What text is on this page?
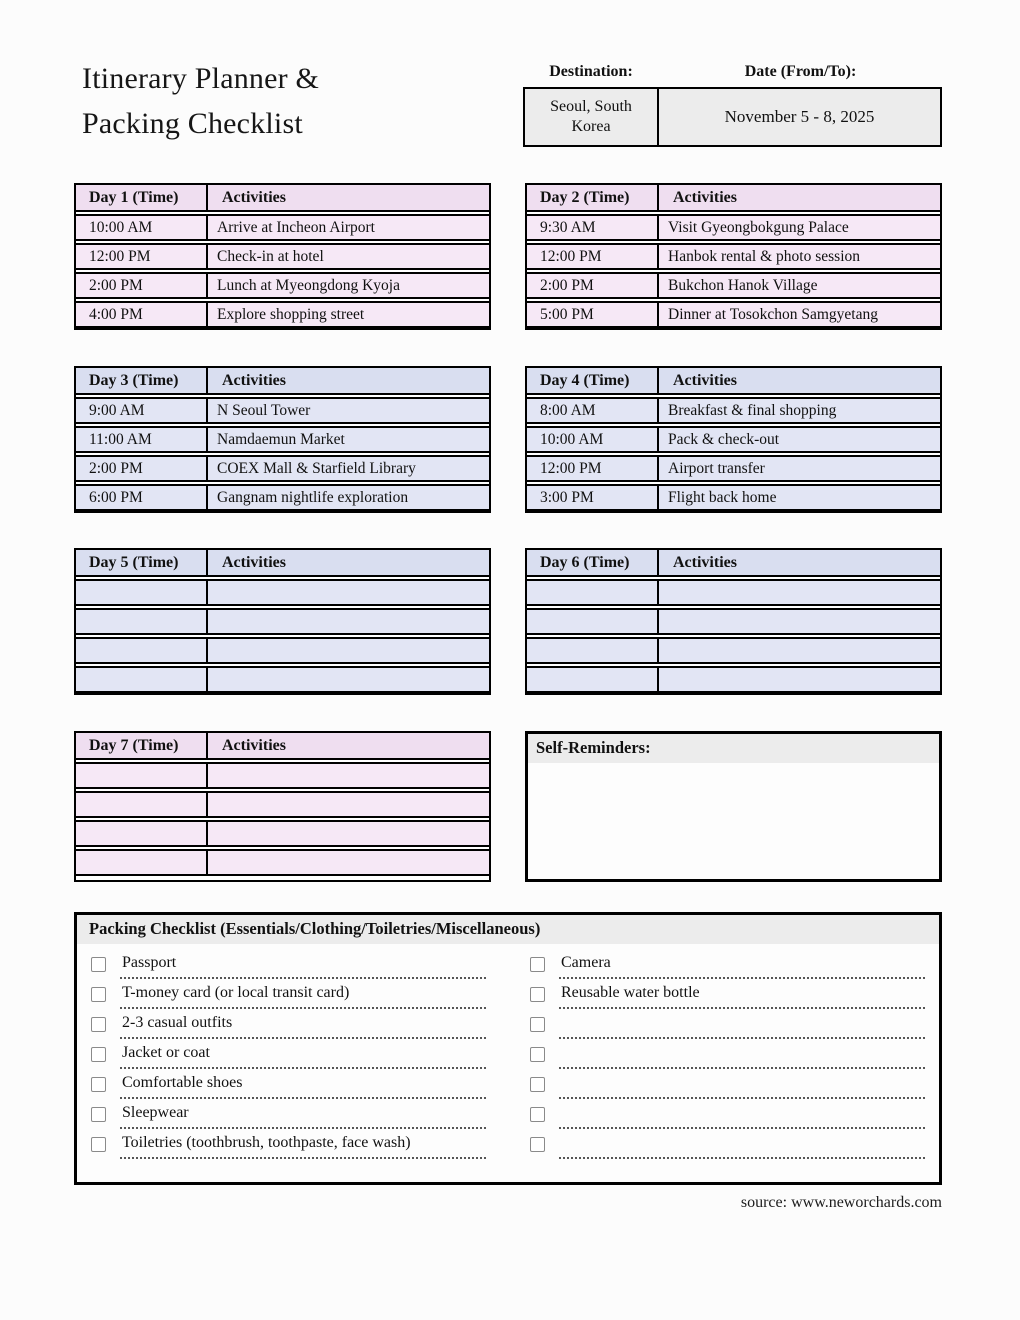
Itinerary Planner &
Packing Checklist
Destination:	Date (From/To):
Seoul, South Korea
November 5 - 8, 2025
Day 1 (Time)	Activities
10:00 AM	Arrive at Incheon Airport
12:00 PM	Check-in at hotel
2:00 PM	Lunch at Myeongdong Kyoja
4:00 PM	Explore shopping street
Day 2 (Time)	Activities
9:30 AM	Visit Gyeongbokgung Palace
12:00 PM	Hanbok rental & photo session
2:00 PM	Bukchon Hanok Village
5:00 PM	Dinner at Tosokchon Samgyetang
Day 3 (Time)	Activities
9:00 AM	N Seoul Tower
11:00 AM	Namdaemun Market
2:00 PM	COEX Mall & Starfield Library
6:00 PM	Gangnam nightlife exploration
Day 4 (Time)	Activities
8:00 AM	Breakfast & final shopping
10:00 AM	Pack & check-out
12:00 PM	Airport transfer
3:00 PM	Flight back home
Day 5 (Time)	Activities	Day 6 (Time)	Activities
Day 7 (Time)	Activities	Self-Reminders:
Packing Checklist (Essentials/Clothing/Toiletries/Miscellaneous)
Passport
T-money card (or local transit card)
2-3 casual outfits
Jacket or coat
Comfortable shoes
Sleepwear
Toiletries (toothbrush, toothpaste, face wash)
Camera
Reusable water bottle
source: www.neworchards.com
